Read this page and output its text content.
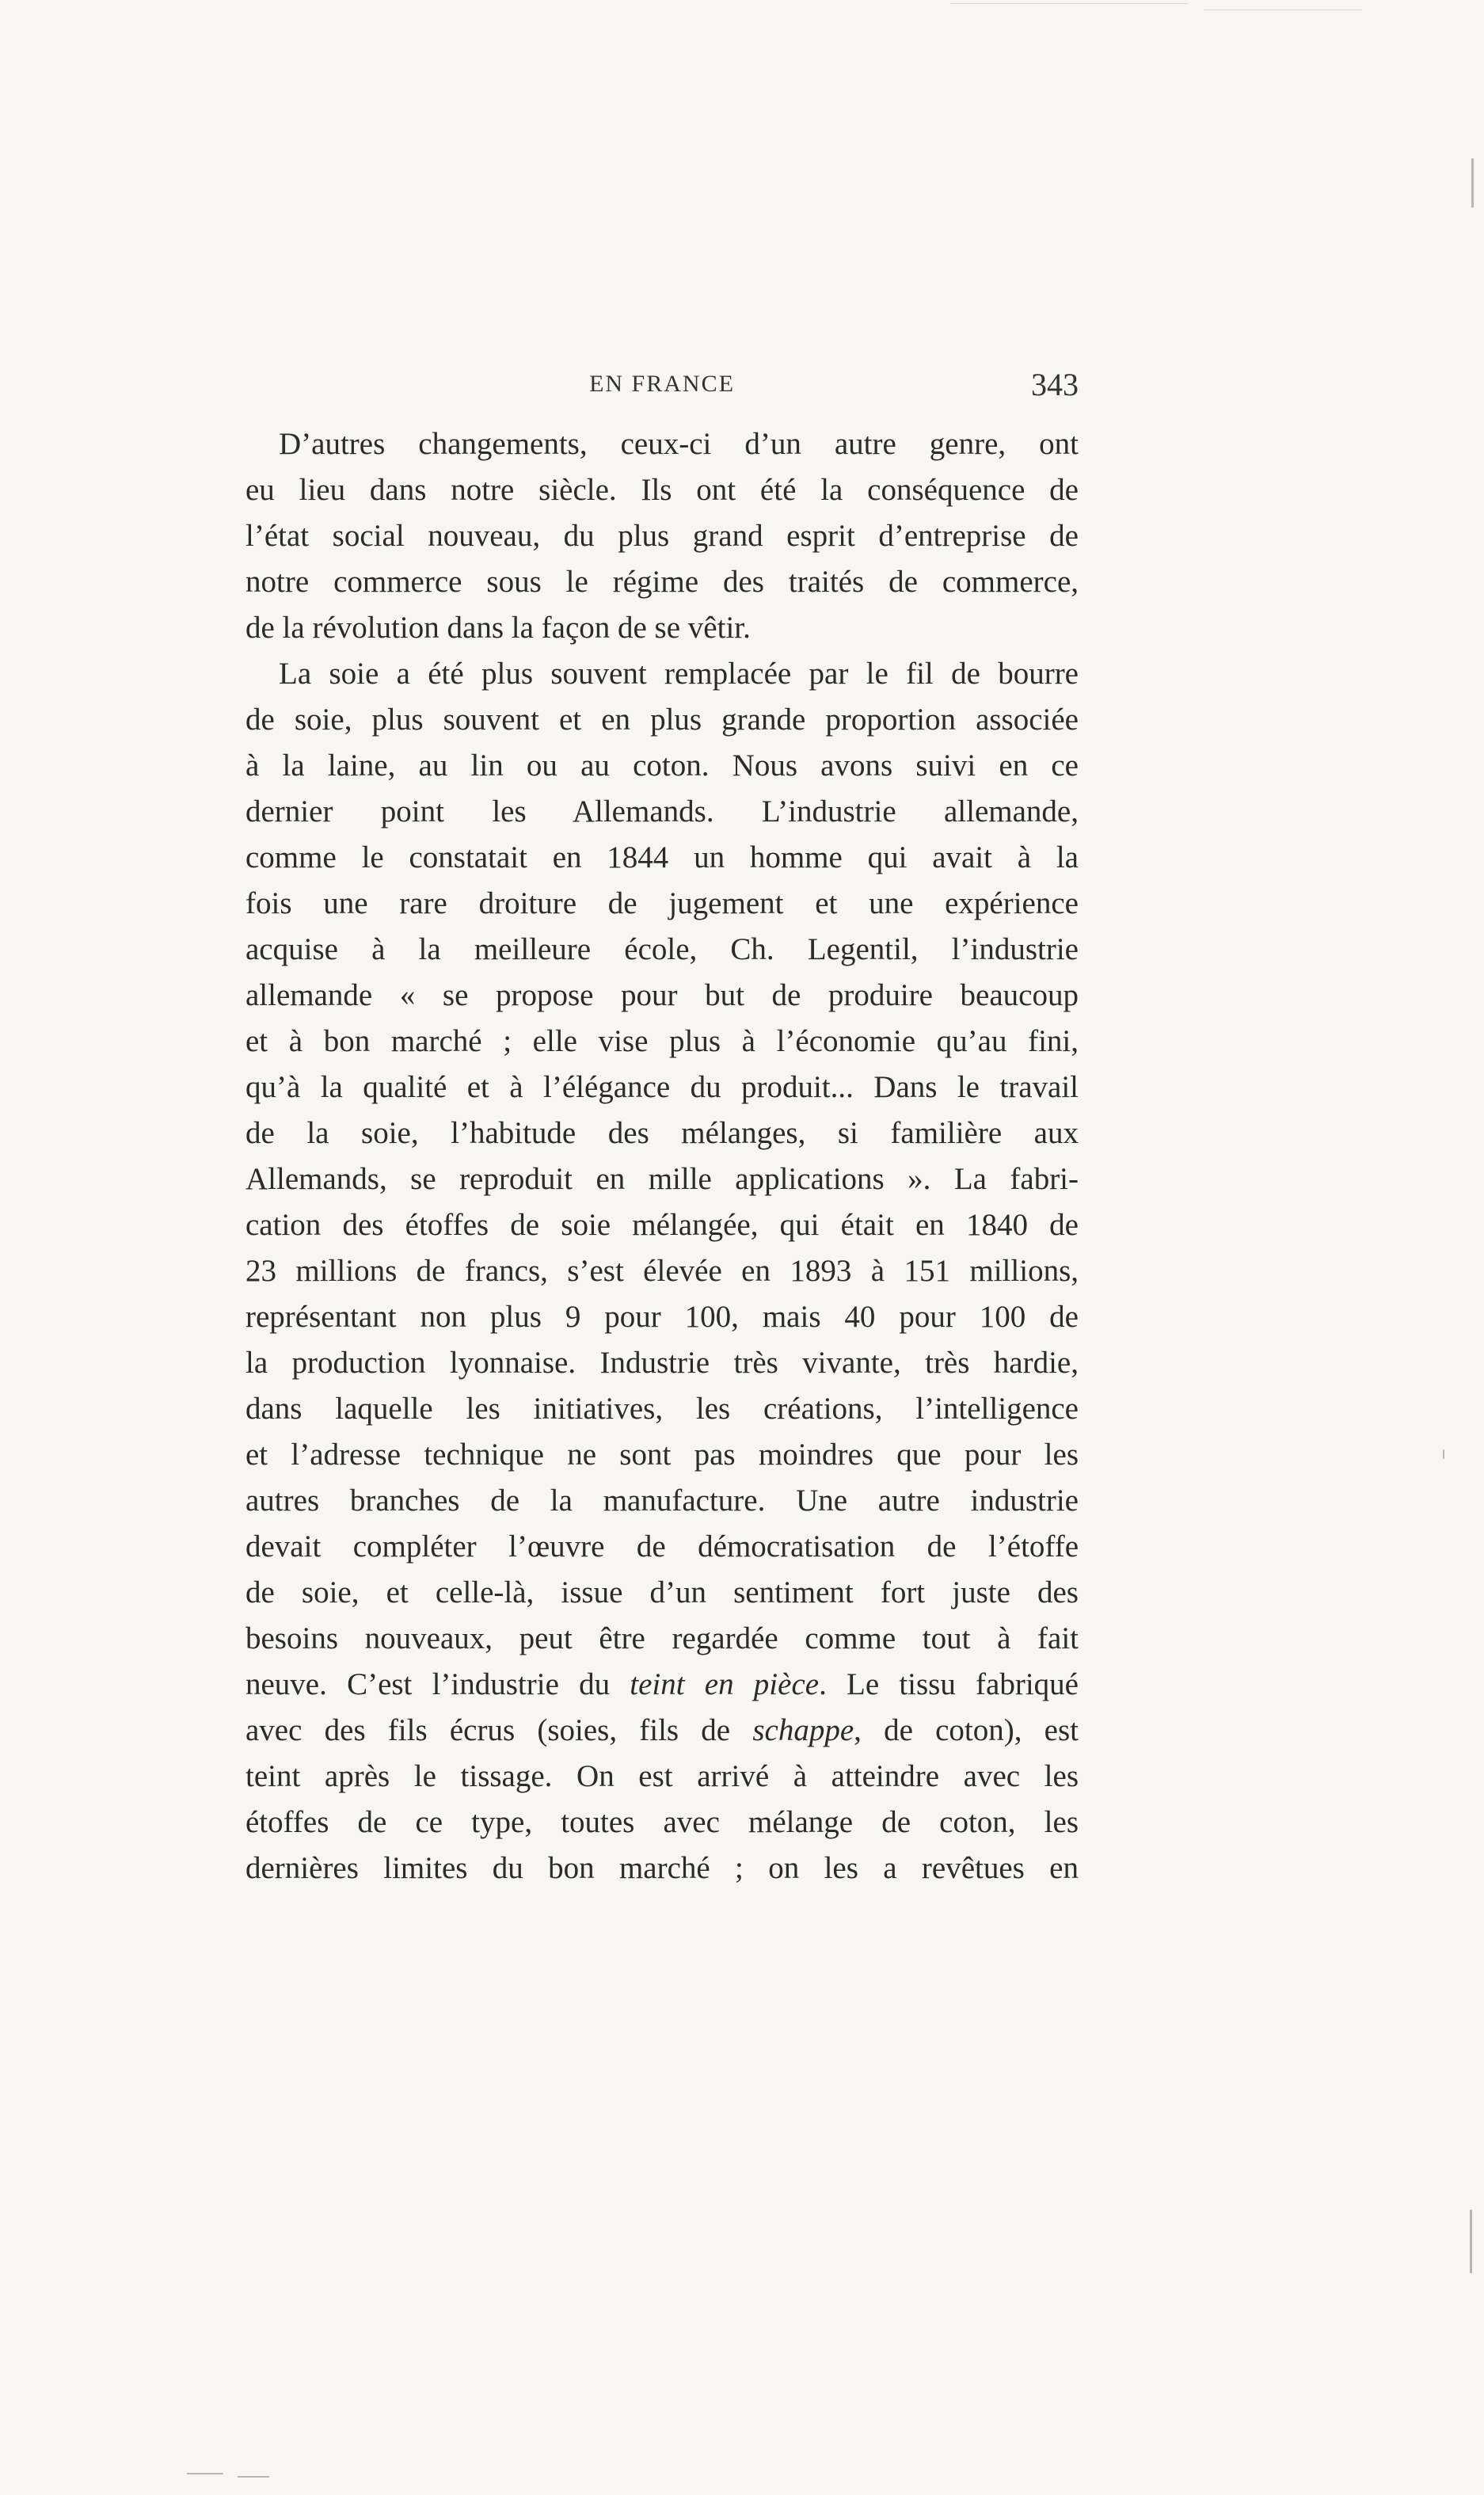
EN FRANCE	343
D’autres changements, ceux-ci d’un autre genre, ont
eu lieu dans notre siècle. Ils ont été la conséquence de
l’état social nouveau, du plus grand esprit d’entreprise de
notre commerce sous le régime des traités de commerce,
de la révolution dans la façon de se vêtir.
La soie a été plus souvent remplacée par le fil de bourre
de soie, plus souvent et en plus grande proportion associée
à la laine, au lin ou au coton. Nous avons suivi en ce
dernier point les Allemands. L’industrie allemande,
comme le constatait en 1844 un homme qui avait à la
fois une rare droiture de jugement et une expérience
acquise à la meilleure école, Ch. Legentil, l’industrie
allemande « se propose pour but de produire beaucoup
et à bon marché ; elle vise plus à l’économie qu’au fini,
qu’à la qualité et à l’élégance du produit... Dans le travail
de la soie, l’habitude des mélanges, si familière aux
Allemands, se reproduit en mille applications ». La fabri-
cation des étoffes de soie mélangée, qui était en 1840 de
23 millions de francs, s’est élevée en 1893 à 151 millions,
représentant non plus 9 pour 100, mais 40 pour 100 de
la production lyonnaise. Industrie très vivante, très hardie,
dans laquelle les initiatives, les créations, l’intelligence
et l’adresse technique ne sont pas moindres que pour les
autres branches de la manufacture. Une autre industrie
devait compléter l’œuvre de démocratisation de l’étoffe
de soie, et celle-là, issue d’un sentiment fort juste des
besoins nouveaux, peut être regardée comme tout à fait
neuve. C’est l’industrie du teint en pièce. Le tissu fabriqué
avec des fils écrus (soies, fils de schappe, de coton), est
teint après le tissage. On est arrivé à atteindre avec les
étoffes de ce type, toutes avec mélange de coton, les
dernières limites du bon marché ; on les a revêtues en
